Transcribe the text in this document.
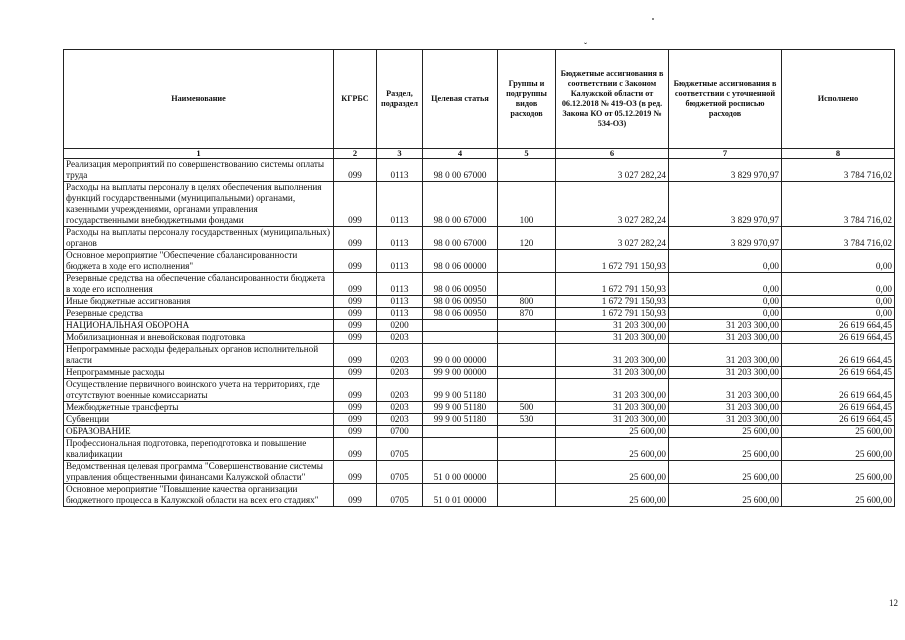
ˇ
Наименование	КГРБС	Раздел, подраздел	Целевая статья	Группы и подгруппы видов расходов	Бюджетные ассигнования в соответствии с Законом Калужской области от 06.12.2018 № 419-ОЗ (в ред. Закона КО от 05.12.2019 № 534-ОЗ)	Бюджетные ассигнования в соответствии с уточненной бюджетной росписью расходов	Исполнено
1	2	3	4	5	6	7	8
Реализация мероприятий по совершенствованию системы оплаты труда	099	0113	98 0 00 67000		3 027 282,24	3 829 970,97	3 784 716,02
Расходы на выплаты персоналу в целях обеспечения выполнения функций государственными (муниципальными) органами, казенными учреждениями, органами управления государственными внебюджетными фондами	099	0113	98 0 00 67000	100	3 027 282,24	3 829 970,97	3 784 716,02
Расходы на выплаты персоналу государственных (муниципальных) органов	099	0113	98 0 00 67000	120	3 027 282,24	3 829 970,97	3 784 716,02
Основное мероприятие "Обеспечение сбалансированности бюджета в ходе его исполнения"	099	0113	98 0 06 00000		1 672 791 150,93	0,00	0,00
Резервные средства на обеспечение сбалансированности бюджета в ходе его исполнения	099	0113	98 0 06 00950		1 672 791 150,93	0,00	0,00
Иные бюджетные ассигнования	099	0113	98 0 06 00950	800	1 672 791 150,93	0,00	0,00
Резервные средства	099	0113	98 0 06 00950	870	1 672 791 150,93	0,00	0,00
НАЦИОНАЛЬНАЯ ОБОРОНА	099	0200			31 203 300,00	31 203 300,00	26 619 664,45
Мобилизационная и вневойсковая подготовка	099	0203			31 203 300,00	31 203 300,00	26 619 664,45
Непрограммные расходы федеральных органов исполнительной власти	099	0203	99 0 00 00000		31 203 300,00	31 203 300,00	26 619 664,45
Непрограммные расходы	099	0203	99 9 00 00000		31 203 300,00	31 203 300,00	26 619 664,45
Осуществление первичного воинского учета на территориях, где отсутствуют военные комиссариаты	099	0203	99 9 00 51180		31 203 300,00	31 203 300,00	26 619 664,45
Межбюджетные трансферты	099	0203	99 9 00 51180	500	31 203 300,00	31 203 300,00	26 619 664,45
Субвенции	099	0203	99 9 00 51180	530	31 203 300,00	31 203 300,00	26 619 664,45
ОБРАЗОВАНИЕ	099	0700			25 600,00	25 600,00	25 600,00
Профессиональная подготовка, переподготовка и повышение квалификации	099	0705			25 600,00	25 600,00	25 600,00
Ведомственная целевая программа "Совершенствование системы управления общественными финансами Калужской области"	099	0705	51 0 00 00000		25 600,00	25 600,00	25 600,00
Основное мероприятие "Повышение качества организации бюджетного процесса в Калужской области на всех его стадиях"	099	0705	51 0 01 00000		25 600,00	25 600,00	25 600,00
12
